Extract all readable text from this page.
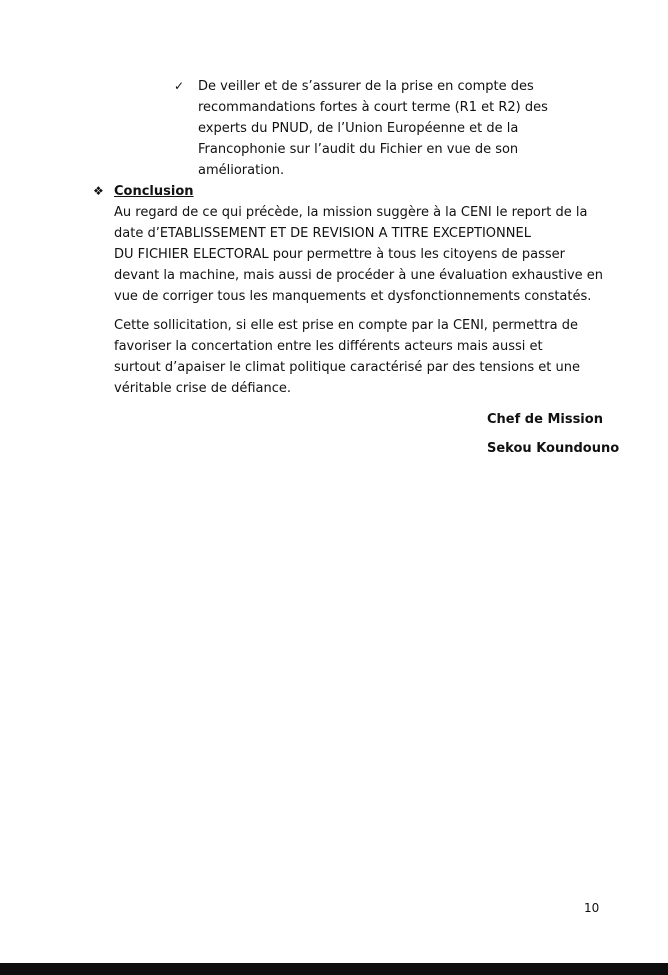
✓	De veiller et de s’assurer de la prise en compte des
recommandations fortes à court terme (R1 et R2) des
experts du PNUD, de l’Union Européenne et de la
Francophonie sur l’audit du Fichier en vue de son
amélioration.
❖ Conclusion
Au regard de ce qui précède, la mission suggère à la CENI le report de la
date d’ETABLISSEMENT ET DE REVISION A TITRE EXCEPTIONNEL
DU FICHIER ELECTORAL pour permettre à tous les citoyens de passer
devant la machine, mais aussi de procéder à une évaluation exhaustive en
vue de corriger tous les manquements et dysfonctionnements constatés.
Cette sollicitation, si elle est prise en compte par la CENI, permettra de
favoriser la concertation entre les différents acteurs mais aussi et
surtout d’apaiser le climat politique caractérisé par des tensions et une
véritable crise de défiance.
Chef de Mission
Sekou Koundouno
10
